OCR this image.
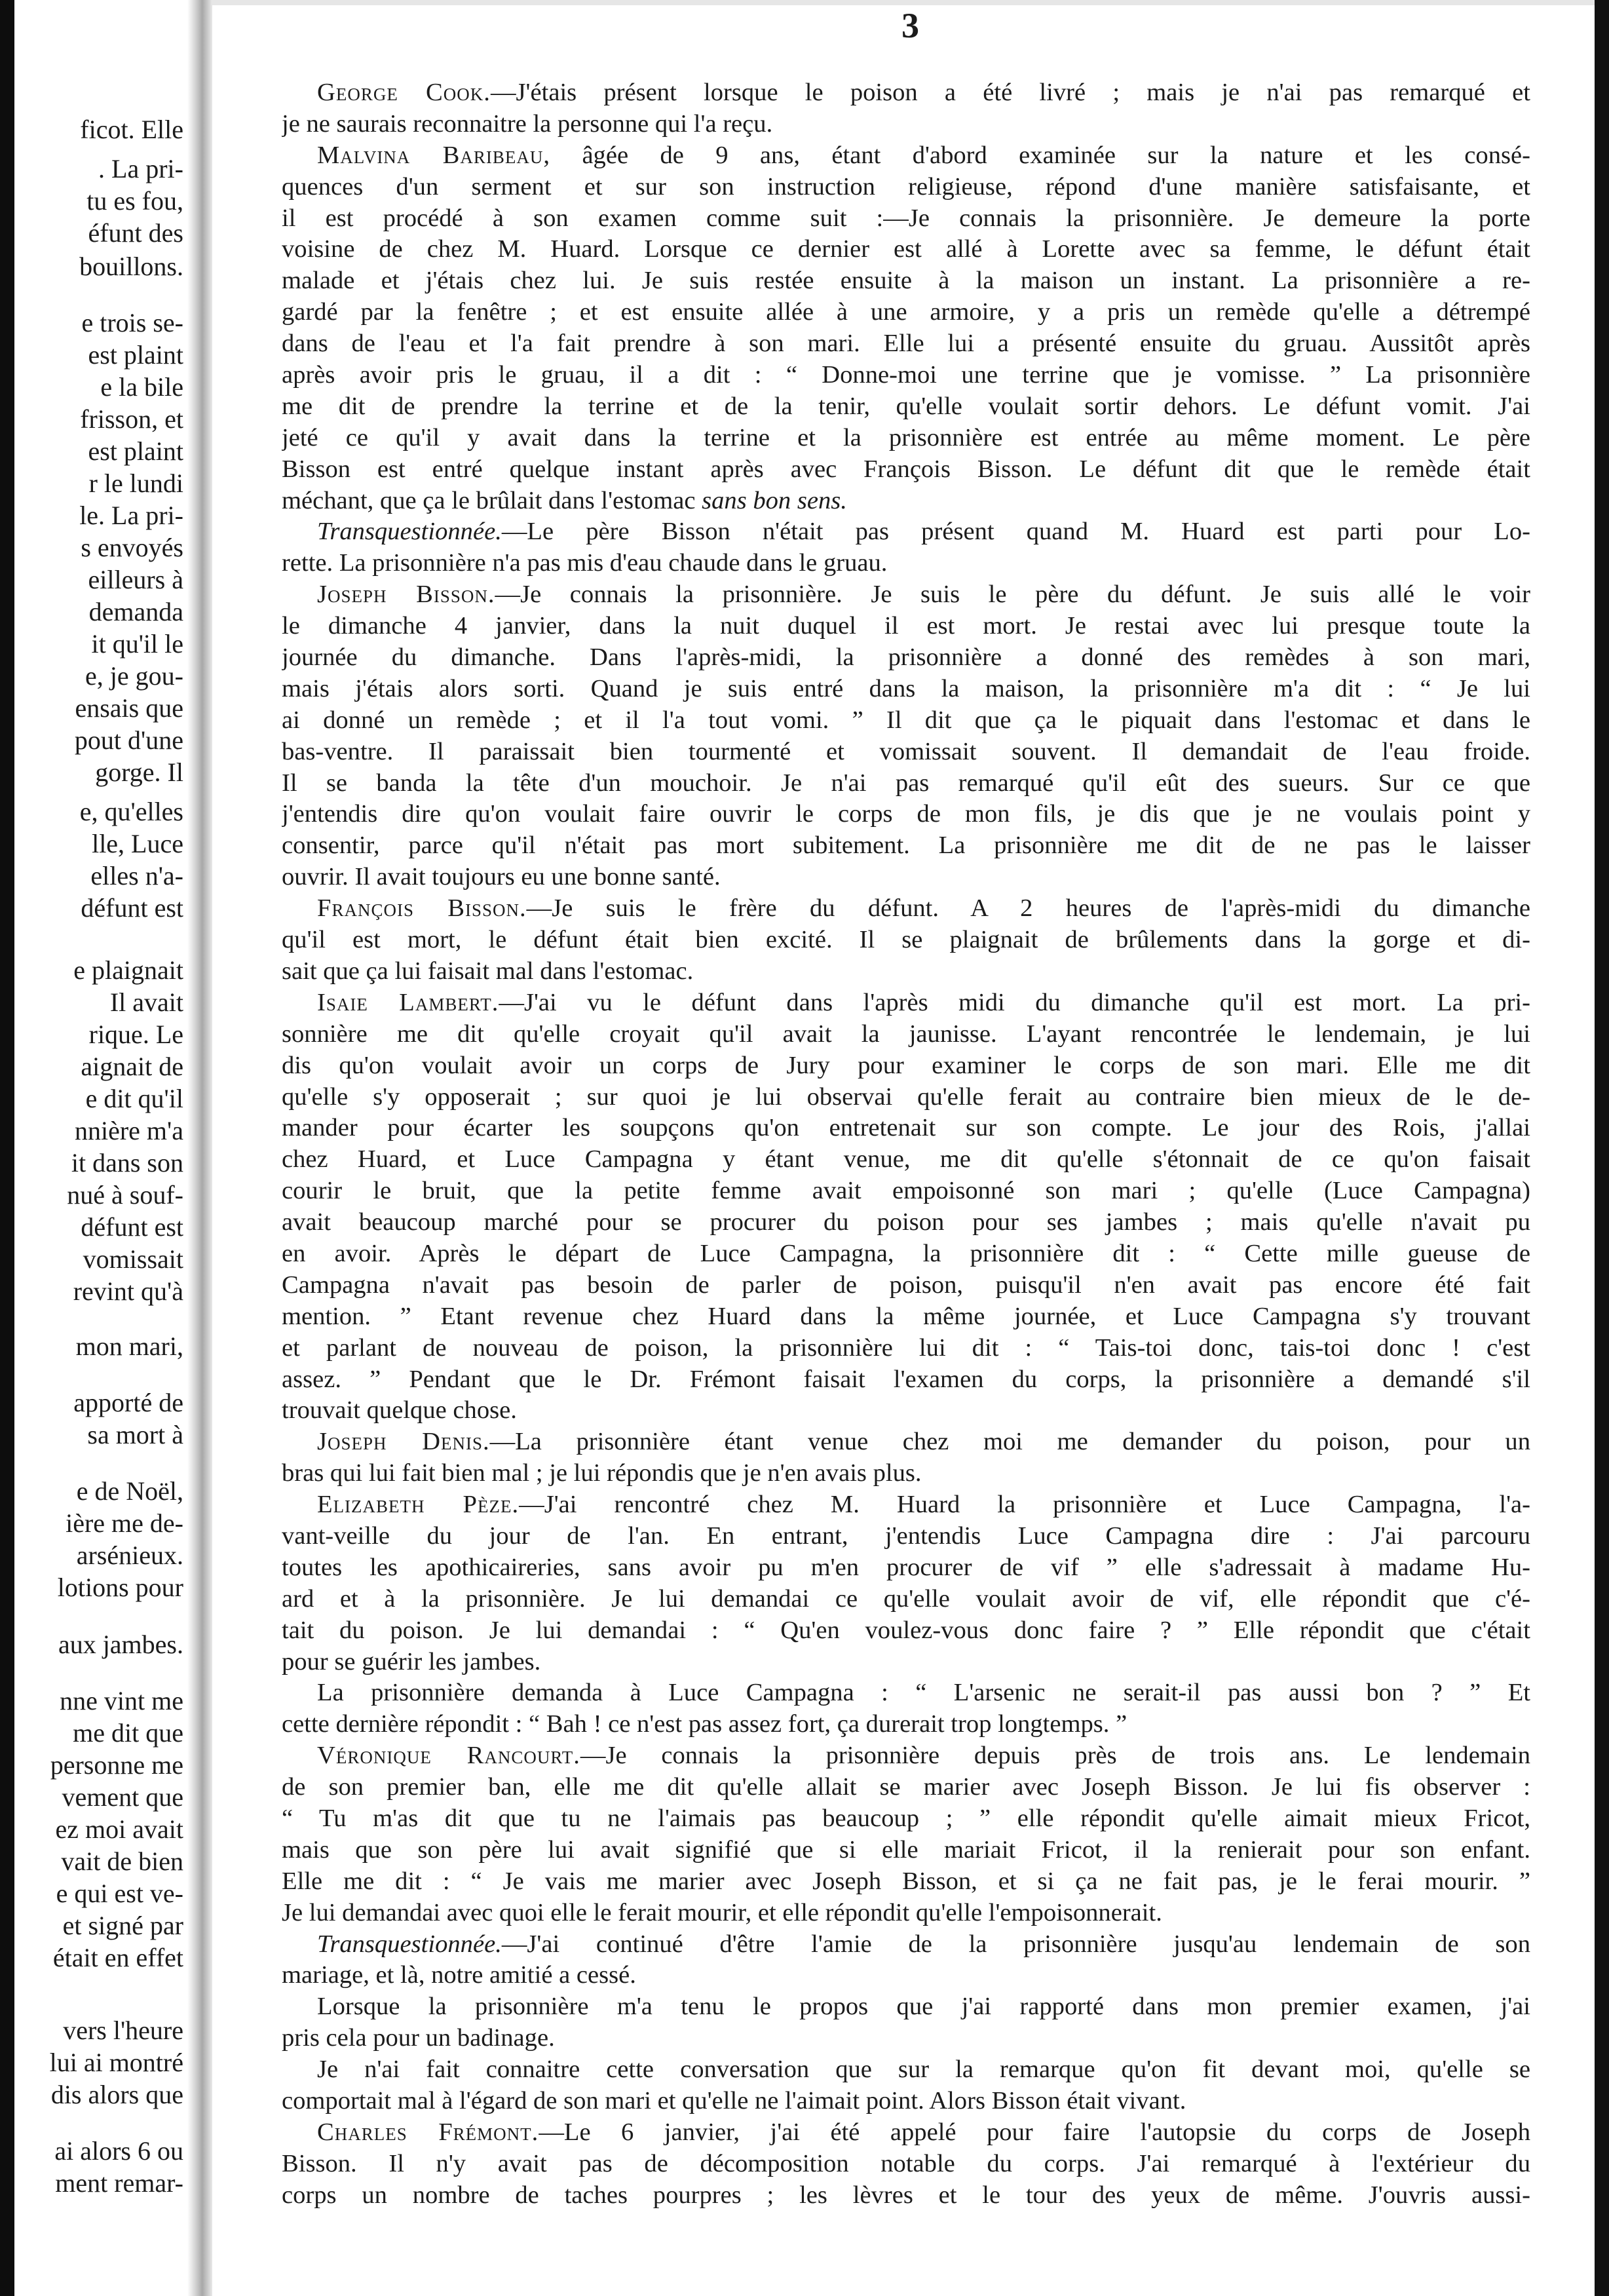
ficot. Elle
. La pri-
tu es fou,
éfunt des
bouillons.
e trois se-
est plaint
e la bile
frisson, et
est plaint
r le lundi
le. La pri-
s envoyés
eilleurs à
demanda
it qu'il le
e, je gou-
ensais que
pout d'une
gorge. Il
e, qu'elles
lle, Luce
elles n'a-
défunt est
e plaignait
Il avait
rique. Le
aignait de
e dit qu'il
nnière m'a
it dans son
nué à souf-
défunt est
vomissait
revint qu'à
mon mari,
apporté de
sa mort à
e de Noël,
ière me de-
arsénieux.
lotions pour
aux jambes.
nne vint me
me dit que
personne me
vement que
ez moi avait
vait de bien
e qui est ve-
et signé par
était en effet
vers l'heure
lui ai montré
dis alors que
ai alors 6 ou
ment remar-
3
George Cook.—J'étais présent lorsque le poison a été livré ; mais je n'ai pas remarqué et
je ne saurais reconnaitre la personne qui l'a reçu.
Malvina Baribeau, âgée de 9 ans, étant d'abord examinée sur la nature et les consé-
quences d'un serment et sur son instruction religieuse, répond d'une manière satisfaisante, et
il est procédé à son examen comme suit :—Je connais la prisonnière. Je demeure la porte
voisine de chez M. Huard. Lorsque ce dernier est allé à Lorette avec sa femme, le défunt était
malade et j'étais chez lui. Je suis restée ensuite à la maison un instant. La prisonnière a re-
gardé par la fenêtre ; et est ensuite allée à une armoire, y a pris un remède qu'elle a détrempé
dans de l'eau et l'a fait prendre à son mari. Elle lui a présenté ensuite du gruau. Aussitôt après
après avoir pris le gruau, il a dit : “ Donne-moi une terrine que je vomisse. ” La prisonnière
me dit de prendre la terrine et de la tenir, qu'elle voulait sortir dehors. Le défunt vomit. J'ai
jeté ce qu'il y avait dans la terrine et la prisonnière est entrée au même moment. Le père
Bisson est entré quelque instant après avec François Bisson. Le défunt dit que le remède était
méchant, que ça le brûlait dans l'estomac sans bon sens.
Transquestionnée.—Le père Bisson n'était pas présent quand M. Huard est parti pour Lo-
rette. La prisonnière n'a pas mis d'eau chaude dans le gruau.
Joseph Bisson.—Je connais la prisonnière. Je suis le père du défunt. Je suis allé le voir
le dimanche 4 janvier, dans la nuit duquel il est mort. Je restai avec lui presque toute la
journée du dimanche. Dans l'après-midi, la prisonnière a donné des remèdes à son mari,
mais j'étais alors sorti. Quand je suis entré dans la maison, la prisonnière m'a dit : “ Je lui
ai donné un remède ; et il l'a tout vomi. ” Il dit que ça le piquait dans l'estomac et dans le
bas-ventre. Il paraissait bien tourmenté et vomissait souvent. Il demandait de l'eau froide.
Il se banda la tête d'un mouchoir. Je n'ai pas remarqué qu'il eût des sueurs. Sur ce que
j'entendis dire qu'on voulait faire ouvrir le corps de mon fils, je dis que je ne voulais point y
consentir, parce qu'il n'était pas mort subitement. La prisonnière me dit de ne pas le laisser
ouvrir. Il avait toujours eu une bonne santé.
François Bisson.—Je suis le frère du défunt. A 2 heures de l'après-midi du dimanche
qu'il est mort, le défunt était bien excité. Il se plaignait de brûlements dans la gorge et di-
sait que ça lui faisait mal dans l'estomac.
Isaie Lambert.—J'ai vu le défunt dans l'après midi du dimanche qu'il est mort. La pri-
sonnière me dit qu'elle croyait qu'il avait la jaunisse. L'ayant rencontrée le lendemain, je lui
dis qu'on voulait avoir un corps de Jury pour examiner le corps de son mari. Elle me dit
qu'elle s'y opposerait ; sur quoi je lui observai qu'elle ferait au contraire bien mieux de le de-
mander pour écarter les soupçons qu'on entretenait sur son compte. Le jour des Rois, j'allai
chez Huard, et Luce Campagna y étant venue, me dit qu'elle s'étonnait de ce qu'on faisait
courir le bruit, que la petite femme avait empoisonné son mari ; qu'elle (Luce Campagna)
avait beaucoup marché pour se procurer du poison pour ses jambes ; mais qu'elle n'avait pu
en avoir. Après le départ de Luce Campagna, la prisonnière dit : “ Cette mille gueuse de
Campagna n'avait pas besoin de parler de poison, puisqu'il n'en avait pas encore été fait
mention. ” Etant revenue chez Huard dans la même journée, et Luce Campagna s'y trouvant
et parlant de nouveau de poison, la prisonnière lui dit : “ Tais-toi donc, tais-toi donc ! c'est
assez. ” Pendant que le Dr. Frémont faisait l'examen du corps, la prisonnière a demandé s'il
trouvait quelque chose.
Joseph Denis.—La prisonnière étant venue chez moi me demander du poison, pour un
bras qui lui fait bien mal ; je lui répondis que je n'en avais plus.
Elizabeth Pèze.—J'ai rencontré chez M. Huard la prisonnière et Luce Campagna, l'a-
vant-veille du jour de l'an. En entrant, j'entendis Luce Campagna dire : J'ai parcouru
toutes les apothicaireries, sans avoir pu m'en procurer de vif ” elle s'adressait à madame Hu-
ard et à la prisonnière. Je lui demandai ce qu'elle voulait avoir de vif, elle répondit que c'é-
tait du poison. Je lui demandai : “ Qu'en voulez-vous donc faire ? ” Elle répondit que c'était
pour se guérir les jambes.
La prisonnière demanda à Luce Campagna : “ L'arsenic ne serait-il pas aussi bon ? ” Et
cette dernière répondit : “ Bah ! ce n'est pas assez fort, ça durerait trop longtemps. ”
Véronique Rancourt.—Je connais la prisonnière depuis près de trois ans. Le lendemain
de son premier ban, elle me dit qu'elle allait se marier avec Joseph Bisson. Je lui fis observer :
“ Tu m'as dit que tu ne l'aimais pas beaucoup ; ” elle répondit qu'elle aimait mieux Fricot,
mais que son père lui avait signifié que si elle mariait Fricot, il la renierait pour son enfant.
Elle me dit : “ Je vais me marier avec Joseph Bisson, et si ça ne fait pas, je le ferai mourir. ”
Je lui demandai avec quoi elle le ferait mourir, et elle répondit qu'elle l'empoisonnerait.
Transquestionnée.—J'ai continué d'être l'amie de la prisonnière jusqu'au lendemain de son
mariage, et là, notre amitié a cessé.
Lorsque la prisonnière m'a tenu le propos que j'ai rapporté dans mon premier examen, j'ai
pris cela pour un badinage.
Je n'ai fait connaitre cette conversation que sur la remarque qu'on fit devant moi, qu'elle se
comportait mal à l'égard de son mari et qu'elle ne l'aimait point. Alors Bisson était vivant.
Charles Frémont.—Le 6 janvier, j'ai été appelé pour faire l'autopsie du corps de Joseph
Bisson. Il n'y avait pas de décomposition notable du corps. J'ai remarqué à l'extérieur du
corps un nombre de taches pourpres ; les lèvres et le tour des yeux de même. J'ouvris aussi-
